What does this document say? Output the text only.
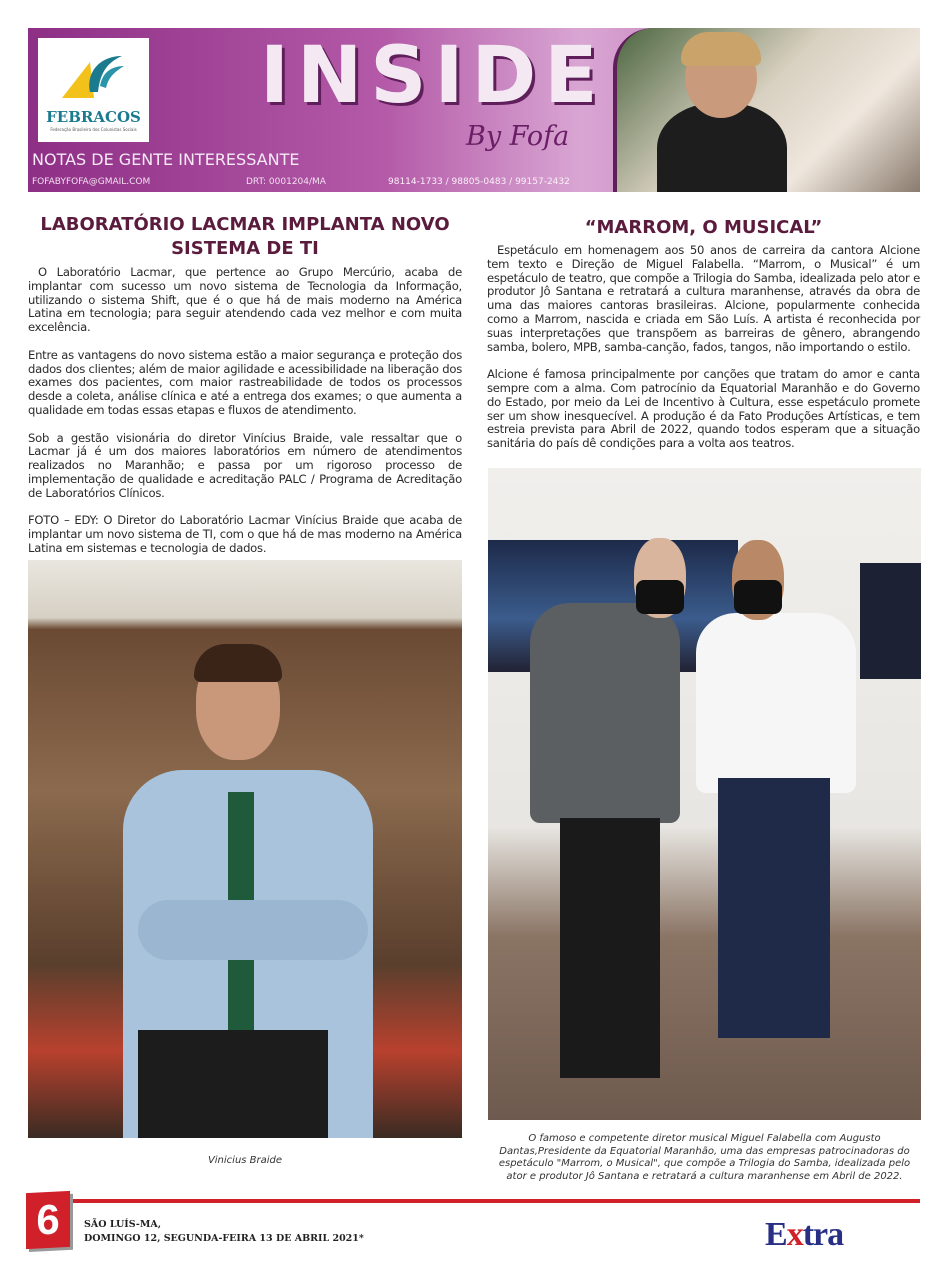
FEBRACOS
Federação Brasileira dos Colunistas Sociais
INSIDE
By Fofa
NOTAS DE GENTE INTERESSANTE
FOFABYFOFA@GMAIL.COM	DRT: 0001204/MA	98114-1733 / 98805-0483 / 99157-2432
LABORATÓRIO LACMAR IMPLANTA NOVO SISTEMA DE TI

O Laboratório Lacmar, que pertence ao Grupo Mercúrio, acaba de implantar com sucesso um novo sistema de Tecnologia da Informação, utilizando o sistema Shift, que é o que há de mais moderno na América Latina em tecnologia; para seguir atendendo cada vez melhor e com muita excelência.

Entre as vantagens do novo sistema estão a maior segurança e proteção dos dados dos clientes; além de maior agilidade e acessibilidade na liberação dos exames dos pacientes, com maior rastreabilidade de todos os processos desde a coleta, análise clínica e até a entrega dos exames; o que aumenta a qualidade em todas essas etapas e fluxos de atendimento.

Sob a gestão visionária do diretor Vinícius Braide, vale ressaltar que o Lacmar já é um dos maiores laboratórios em número de atendimentos realizados no Maranhão; e passa por um rigoroso processo de implementação de qualidade e acreditação PALC / Programa de Acreditação de Laboratórios Clínicos.

FOTO – EDY: O Diretor do Laboratório Lacmar Vinícius Braide que acaba de implantar um novo sistema de TI, com o que há de mas moderno na América Latina em sistemas e tecnologia de dados.

Vinicius Braide
“MARROM, O MUSICAL”

Espetáculo em homenagem aos 50 anos de carreira da cantora Alcione tem texto e Direção de Miguel Falabella. “Marrom, o Musical” é um espetáculo de teatro, que compõe a Trilogia do Samba, idealizada pelo ator e produtor Jô Santana e retratará a cultura maranhense, através da obra de uma das maiores cantoras brasileiras. Alcione, popularmente conhecida como a Marrom, nascida e criada em São Luís. A artista é reconhecida por suas interpretações que transpõem as barreiras de gênero, abrangendo samba, bolero, MPB, samba-canção, fados, tangos, não importando o estilo.

Alcione é famosa principalmente por canções que tratam do amor e canta sempre com a alma. Com patrocínio da Equatorial Maranhão e do Governo do Estado, por meio da Lei de Incentivo à Cultura, esse espetáculo promete ser um show inesquecível. A produção é da Fato Produções Artísticas, e tem estreia prevista para Abril de 2022, quando todos esperam que a situação sanitária do país dê condições para a volta aos teatros.

O famoso e competente diretor musical Miguel Falabella com Augusto Dantas,Presidente da Equatorial Maranhão, uma das empresas patrocinadoras do espetáculo "Marrom, o Musical", que compõe a Trilogia do Samba, idealizada pelo ator e produtor Jô Santana e retratará a cultura maranhense em Abril de 2022.
6	SÃO LUÍS-MA,
DOMINGO 12, SEGUNDA-FEIRA 13 DE ABRIL 2021*	Extra
